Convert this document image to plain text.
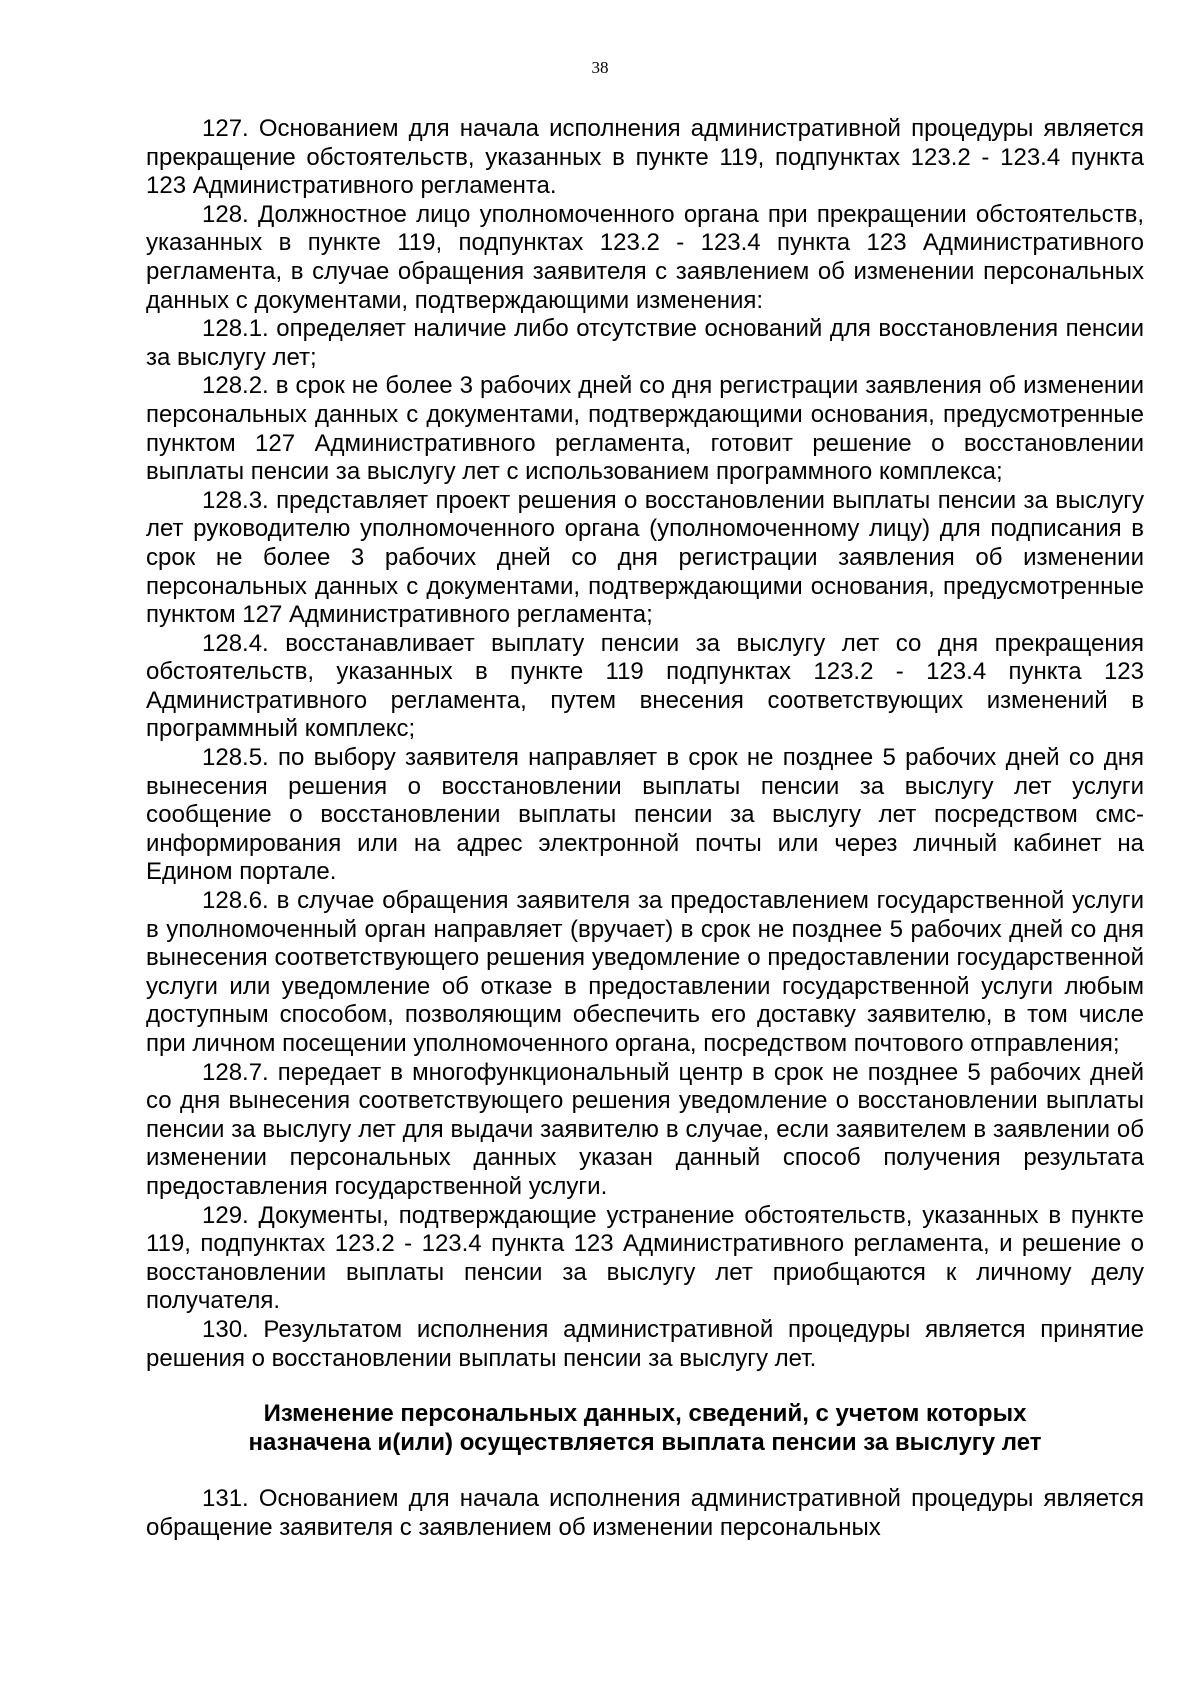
38

127. Основанием для начала исполнения административной процедуры является прекращение обстоятельств, указанных в пункте 119, подпунктах 123.2 - 123.4 пункта 123 Административного регламента.

128. Должностное лицо уполномоченного органа при прекращении обстоятельств, указанных в пункте 119, подпунктах 123.2 - 123.4 пункта 123 Административного регламента, в случае обращения заявителя с заявлением об изменении персональных данных с документами, подтверждающими изменения:

128.1. определяет наличие либо отсутствие оснований для восстановления пенсии за выслугу лет;

128.2. в срок не более 3 рабочих дней со дня регистрации заявления об изменении персональных данных с документами, подтверждающими основания, предусмотренные пунктом 127 Административного регламента, готовит решение о восстановлении выплаты пенсии за выслугу лет с использованием программного комплекса;

128.3. представляет проект решения о восстановлении выплаты пенсии за выслугу лет руководителю уполномоченного органа (уполномоченному лицу) для подписания в срок не более 3 рабочих дней со дня регистрации заявления об изменении персональных данных с документами, подтверждающими основания, предусмотренные пунктом 127 Административного регламента;

128.4. восстанавливает выплату пенсии за выслугу лет со дня прекращения обстоятельств, указанных в пункте 119 подпунктах 123.2 - 123.4 пункта 123 Административного регламента, путем внесения соответствующих изменений в программный комплекс;

128.5. по выбору заявителя направляет в срок не позднее 5 рабочих дней со дня вынесения решения о восстановлении выплаты пенсии за выслугу лет услуги сообщение о восстановлении выплаты пенсии за выслугу лет посредством смс-информирования или на адрес электронной почты или через личный кабинет на Едином портале.

128.6. в случае обращения заявителя за предоставлением государственной услуги в уполномоченный орган направляет (вручает) в срок не позднее 5 рабочих дней со дня вынесения соответствующего решения уведомление о предоставлении государственной услуги или уведомление об отказе в предоставлении государственной услуги любым доступным способом, позволяющим обеспечить его доставку заявителю, в том числе при личном посещении уполномоченного органа, посредством почтового отправления;

128.7. передает в многофункциональный центр в срок не позднее 5 рабочих дней со дня вынесения соответствующего решения уведомление о восстановлении выплаты пенсии за выслугу лет для выдачи заявителю в случае, если заявителем в заявлении об изменении персональных данных указан данный способ получения результата предоставления государственной услуги.

129. Документы, подтверждающие устранение обстоятельств, указанных в пункте 119, подпунктах 123.2 - 123.4 пункта 123 Административного регламента, и решение о восстановлении выплаты пенсии за выслугу лет приобщаются к личному делу получателя.

130. Результатом исполнения административной процедуры является принятие решения о восстановлении выплаты пенсии за выслугу лет.

Изменение персональных данных, сведений, с учетом которых
назначена и(или) осуществляется выплата пенсии за выслугу лет

131. Основанием для начала исполнения административной процедуры является обращение заявителя с заявлением об изменении персональных
